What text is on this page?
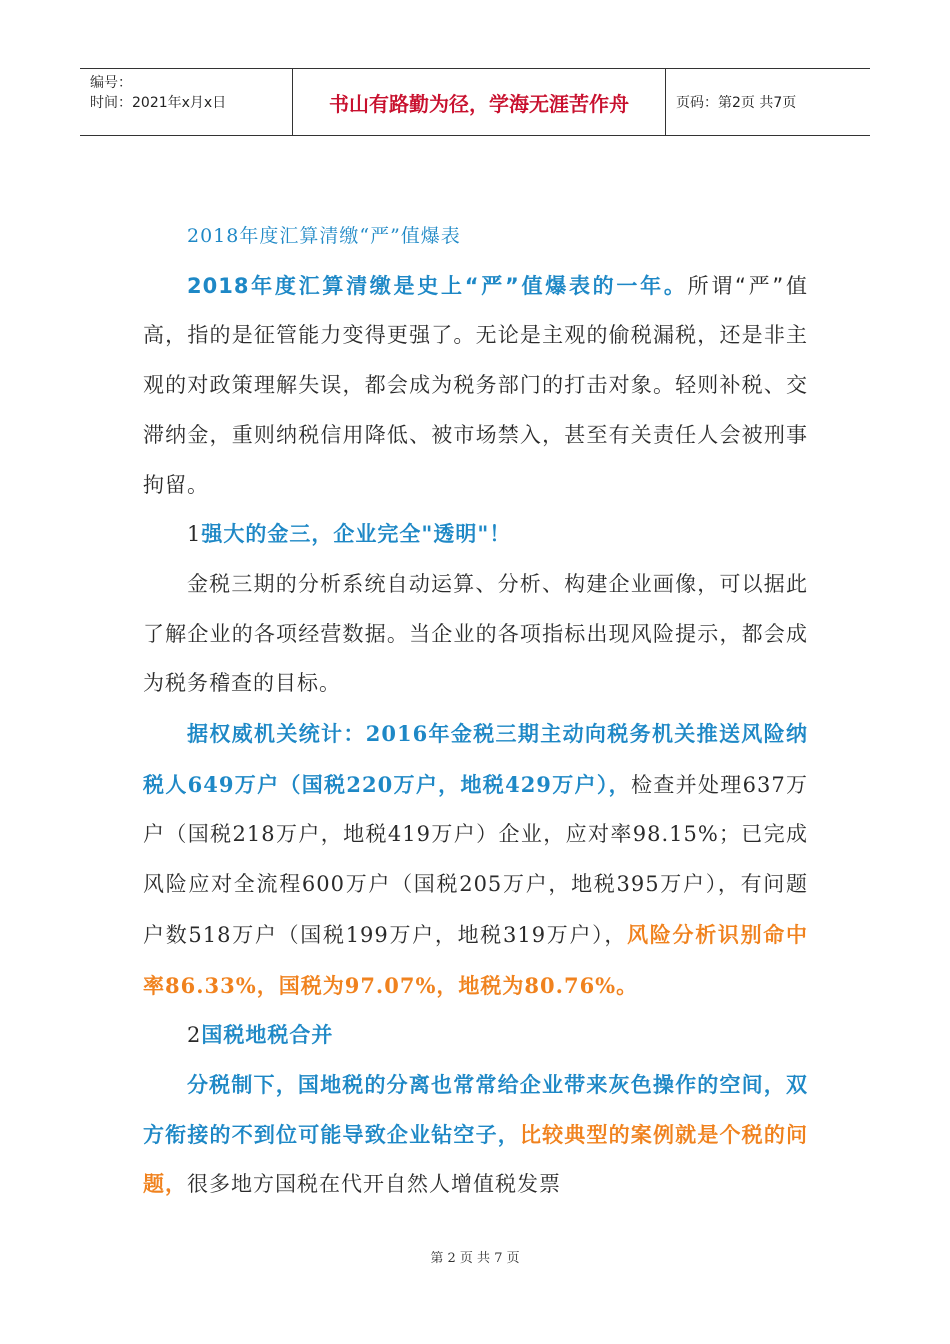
编号：
时间：2021年x月x日	书山有路勤为径，学海无涯苦作舟	页码：第2页 共7页

2018年度汇算清缴“严”值爆表

2018年度汇算清缴是史上“严”值爆表的一年。所谓“严”值高，指的是征管能力变得更强了。无论是主观的偷税漏税，还是非主观的对政策理解失误，都会成为税务部门的打击对象。轻则补税、交滞纳金，重则纳税信用降低、被市场禁入，甚至有关责任人会被刑事拘留。

1强大的金三，企业完全"透明"！

金税三期的分析系统自动运算、分析、构建企业画像，可以据此了解企业的各项经营数据。当企业的各项指标出现风险提示，都会成为税务稽查的目标。

据权威机关统计：2016年金税三期主动向税务机关推送风险纳税人649万户（国税220万户，地税429万户），检查并处理637万户（国税218万户，地税419万户）企业，应对率98.15%；已完成风险应对全流程600万户（国税205万户，地税395万户），有问题户数518万户（国税199万户，地税319万户），风险分析识别命中率86.33%，国税为97.07%，地税为80.76%。

2国税地税合并

分税制下，国地税的分离也常常给企业带来灰色操作的空间，双方衔接的不到位可能导致企业钻空子，比较典型的案例就是个税的问题，很多地方国税在代开自然人增值税发票

第 2 页 共 7 页
